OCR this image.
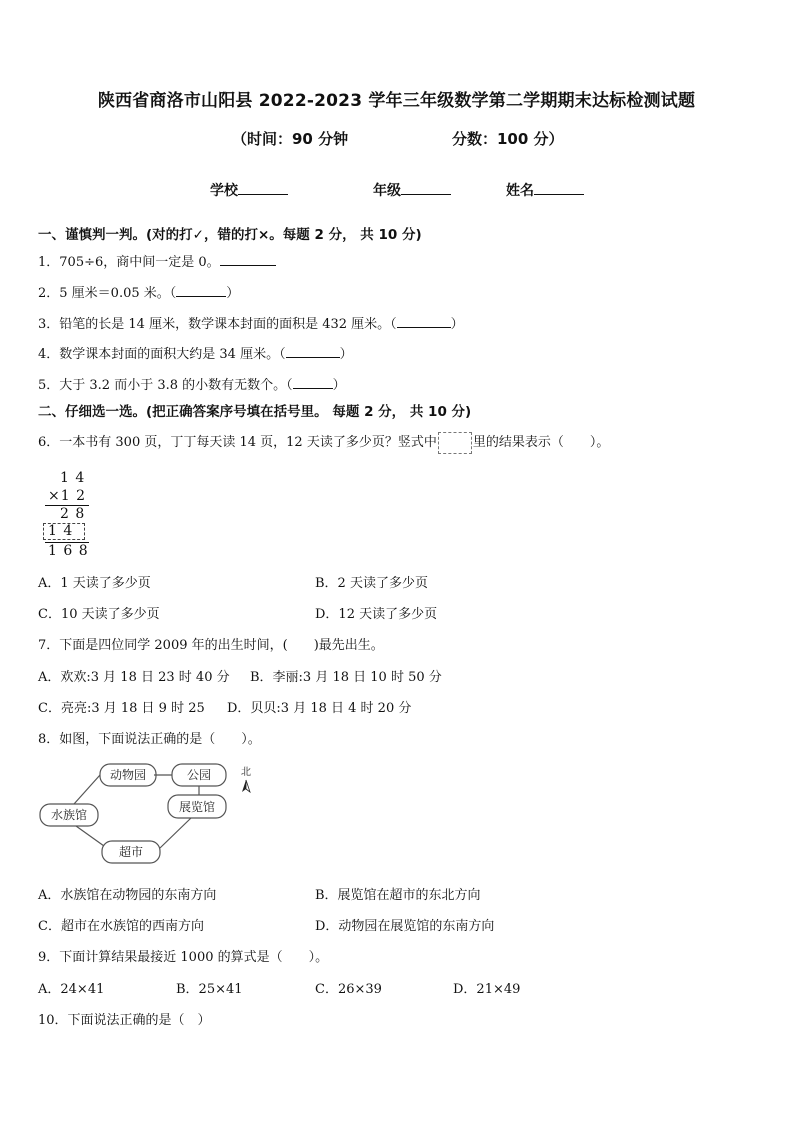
陕西省商洛市山阳县 2022-2023 学年三年级数学第二学期期末达标检测试题
（时间：90 分钟	分数：100 分）
学校	年级	姓名
一、谨慎判一判。(对的打✓，错的打×。每题 2 分， 共 10 分)
1．705÷6，商中间一定是 0。
2．5 厘米＝0.05 米。（	）
3．铅笔的长是 14 厘米，数学课本封面的面积是 432 厘米。（	）
4．数学课本封面的面积大约是 34 厘米。（	）
5．大于 3.2 而小于 3.8 的小数有无数个。（	）
二、仔细选一选。(把正确答案序号填在括号里。 每题 2 分， 共 10 分)
6．一本书有 300 页，丁丁每天读 14 页，12 天读了多少页？竖式中	里的结果表示（　　）。
1 4
×1 2
2 8
1 4
1 6 8
A．1 天读了多少页	B．2 天读了多少页
C．10 天读了多少页	D．12 天读了多少页
7．下面是四位同学 2009 年的出生时间，(　　)最先出生。
A．欢欢:3 月 18 日 23 时 40 分 B．李丽:3 月 18 日 10 时 50 分
C．亮亮:3 月 18 日 9 时 25 D．贝贝:3 月 18 日 4 时 20 分
8．如图，下面说法正确的是（　　）。
动物园	公园
水族馆
展览馆
超市
北
A．水族馆在动物园的东南方向	B．展览馆在超市的东北方向
C．超市在水族馆的西南方向	D．动物园在展览馆的东南方向
9．下面计算结果最接近 1000 的算式是（　　）。
A．24×41	B．25×41	C．26×39	D．21×49
10．下面说法正确的是（　）
